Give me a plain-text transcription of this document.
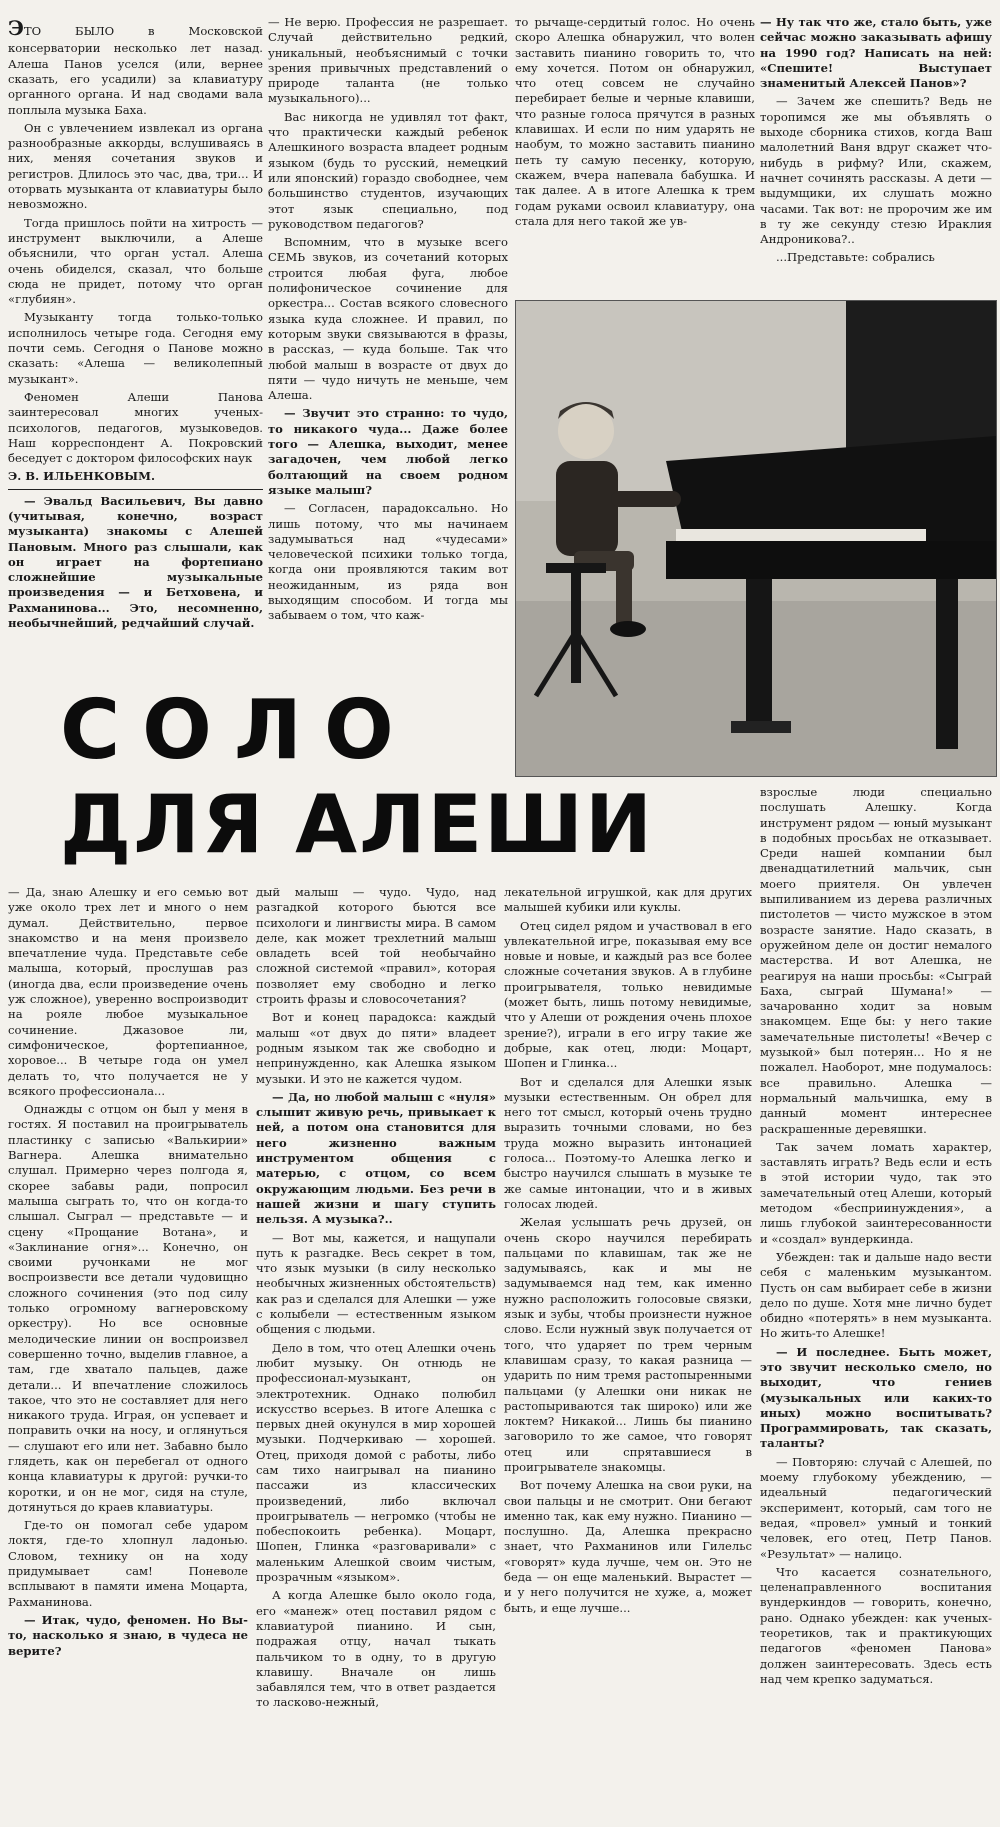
ЭТО БЫЛО в Московской консерватории несколько лет назад. Алеша Панов уселся (или, вернее сказать, его усадили) за клавиатуру органного органа. И над сводами вала поплыла музыка Баха.

Он с увлечением извлекал из органа разнообразные аккорды, вслушиваясь в них, меняя сочетания звуков и регистров. Длилось это час, два, три... И оторвать музыканта от клавиатуры было невозможно.

Тогда пришлось пойти на хитрость — инструмент выключили, а Алеше объяснили, что орган устал. Алеша очень обиделся, сказал, что больше сюда не придет, потому что орган «глубиян».

Музыканту тогда только-только исполнилось четыре года. Сегодня ему почти семь. Сегодня о Панове можно сказать: «Алеша — великолепный музыкант».

Феномен Алеши Панова заинтересовал многих ученых-психологов, педагогов, музыковедов. Наш корреспондент А. Покровский беседует с доктором философских наук

Э. В. ИЛЬЕНКОВЫМ.

— Эвальд Васильевич, Вы давно (учитывая, конечно, возраст музыканта) знакомы с Алешей Пановым. Много раз слышали, как он играет на фортепиано сложнейшие музыкальные произведения — и Бетховена, и Рахманинова... Это, несомненно, необычнейший, редчайший случай.

— Не верю. Профессия не разрешает. Случай действительно редкий, уникальный, необъяснимый с точки зрения привычных представлений о природе таланта (не только музыкального)...

Вас никогда не удивлял тот факт, что практически каждый ребенок Алешкиного возраста владеет родным языком (будь то русский, немецкий или японский) гораздо свободнее, чем большинство студентов, изучающих этот язык специально, под руководством педагогов?

Вспомним, что в музыке всего СЕМЬ звуков, из сочетаний которых строится любая фуга, любое полифоническое сочинение для оркестра... Состав всякого словесного языка куда сложнее. И правил, по которым звуки связываются в фразы, в рассказ, — куда больше. Так что любой малыш в возрасте от двух до пяти — чудо ничуть не меньше, чем Алеша.

— Звучит это странно: то чудо, то никакого чуда... Даже более того — Алешка, выходит, менее загадочен, чем любой легко болтающий на своем родном языке малыш?

— Согласен, парадоксально. Но лишь потому, что мы начинаем задумываться над «чудесами» человеческой психики только тогда, когда они проявляются таким вот неожиданным, из ряда вон выходящим способом. И тогда мы забываем о том, что каж-

то рычаще-сердитый голос. Но очень скоро Алешка обнаружил, что волен заставить пианино говорить то, что ему хочется. Потом он обнаружил, что отец совсем не случайно перебирает белые и черные клавиши, что разные голоса прячутся в разных клавишах. И если по ним ударять не наобум, то можно заставить пианино петь ту самую песенку, которую, скажем, вчера напевала бабушка. И так далее. А в итоге Алешка к трем годам руками освоил клавиатуру, она стала для него такой же ув-

— Ну так что же, стало быть, уже сейчас можно заказывать афишу на 1990 год? Написать на ней: «Спешите! Выступает знаменитый Алексей Панов»?

— Зачем же спешить? Ведь не торопимся же мы объявлять о выходе сборника стихов, когда Ваш малолетний Ваня вдруг скажет что-нибудь в рифму? Или, скажем, начнет сочинять рассказы. А дети — выдумщики, их слушать можно часами. Так вот: не пророчим же им в ту же секунду стезю Ираклия Андрониковa?..

...Представьте: собрались

СОЛО
ДЛЯ АЛЕШИ	взрослые люди специально послушать Алешку. Когда инструмент рядом — юный музыкант в подобных просьбах не отказывает. Среди нашей компании был двенадцатилетний мальчик, сын моего приятеля. Он увлечен выпиливанием из дерева различных пистолетов — чисто мужское в этом возрасте занятие. Надо сказать, в оружейном деле он достиг немалого мастерства. И вот Алешка, не реагируя на наши просьбы: «Сыграй Баха, сыграй Шумана!» — зачарованно ходит за новым знакомцем. Еще бы: у него такие замечательные пистолеты! «Вечер с музыкой» был потерян... Но я не пожалел. Наоборот, мне подумалось: все правильно. Алешка — нормальный мальчишка, ему в данный момент интереснее раскрашенные деревяшки.

Так зачем ломать характер, заставлять играть? Ведь если и есть в этой истории чудо, так это замечательный отец Алеши, который методом «бесприинуждения», а лишь глубокой заинтересованности и «создал» вундеркинда.

Убежден: так и дальше надо вести себя с маленьким музыкантом. Пусть он сам выбирает себе в жизни дело по душе. Хотя мне лично будет обидно «потерять» в нем музыканта. Но жить-то Алешке!

— И последнее. Быть может, это звучит несколько смело, но выходит, что гениев (музыкальных или каких-то иных) можно воспитывать? Программировать, так сказать, таланты?

— Повторяю: случай с Алешей, по моему глубокому убеждению, — идеальный педагогический эксперимент, который, сам того не ведая, «провел» умный и тонкий человек, его отец, Петр Панов. «Результат» — налицо.

Что касается сознательного, целенаправленного воспитания вундеркиндов — говорить, конечно, рано. Однако убежден: как ученых-теоретиков, так и практикующих педагогов «феномен Панова» должен заинтересовать. Здесь есть над чем крепко задуматься.

— Да, знаю Алешку и его семью вот уже около трех лет и много о нем думал. Действительно, первое знакомство и на меня произвело впечатление чуда. Представьте себе малыша, который, прослушав раз (иногда два, если произведение очень уж сложное), уверенно воспроизводит на рояле любое музыкальное сочинение. Джазовое ли, симфоническое, фортепианное, хоровое... В четыре года он умел делать то, что получается не у всякого профессионала...

Однажды с отцом он был у меня в гостях. Я поставил на проигрыватель пластинку с записью «Валькирии» Вагнера. Алешка внимательно слушал. Примерно через полгода я, скорее забавы ради, попросил малыша сыграть то, что он когда-то слышал. Сыграл — представьте — и сцену «Прощание Вотана», и «Заклинание огня»... Конечно, он своими ручонками не мог воспроизвести все детали чудовищно сложного сочинения (это под силу только огромному вагнеровскому оркестру). Но все основные мелодические линии он воспроизвел совершенно точно, выделив главное, а там, где хватало пальцев, даже детали... И впечатление сложилось такое, что это не составляет для него никакого труда. Играя, он успевает и поправить очки на носу, и оглянуться — слушают его или нет. Забавно было глядеть, как он перебегал от одного конца клавиатуры к другой: ручки-то коротки, и он не мог, сидя на стуле, дотянуться до краев клавиатуры.

Где-то он помогал себе ударом локтя, где-то хлопнул ладонью. Словом, технику он на ходу придумывает сам! Поневоле всплывают в памяти имена Моцарта, Рахманинова.

— Итак, чудо, феномен. Но Вы-то, насколько я знаю, в чудеса не верите?

дый малыш — чудо. Чудо, над разгадкой которого бьются все психологи и лингвисты мира. В самом деле, как может трехлетний малыш овладеть всей той необычайно сложной системой «правил», которая позволяет ему свободно и легко строить фразы и словосочетания?

Вот и конец парадокса: каждый малыш «от двух до пяти» владеет родным языком так же свободно и непринужденно, как Алешка языком музыки. И это не кажется чудом.

— Да, но любой малыш с «нуля» слышит живую речь, привыкает к ней, а потом она становится для него жизненно важным инструментом общения с матерью, с отцом, со всем окружающим людьми. Без речи в нашей жизни и шагу ступить нельзя. А музыка?..

— Вот мы, кажется, и нащупали путь к разгадке. Весь секрет в том, что язык музыки (в силу несколько необычных жизненных обстоятельств) как раз и сделался для Алешки — уже с колыбели — естественным языком общения с людьми.

Дело в том, что отец Алешки очень любит музыку. Он отнюдь не профессионал-музыкант, он электротехник. Однако полюбил искусство всерьез. В итоге Алешка с первых дней окунулся в мир хорошей музыки. Подчеркиваю — хорошей. Отец, приходя домой с работы, либо сам тихо наигрывал на пианино пассажи из классических произведений, либо включал проигрыватель — негромко (чтобы не побеспокоить ребенка). Моцарт, Шопен, Глинка «разговаривали» с маленьким Алешкой своим чистым, прозрачным «языком».

А когда Алешке было около года, его «манеж» отец поставил рядом с клавиатурой пианино. И сын, подражая отцу, начал тыкать пальчиком то в одну, то в другую клавишу. Вначале он лишь забавлялся тем, что в ответ раздается то ласково-нежный,

лекательной игрушкой, как для других малышей кубики или куклы.

Отец сидел рядом и участвовал в его увлекательной игре, показывая ему все новые и новые, и каждый раз все более сложные сочетания звуков. А в глубине проигрывателя, только невидимые (может быть, лишь потому невидимые, что у Алеши от рождения очень плохое зрение?), играли в его игру такие же добрые, как отец, люди: Моцарт, Шопен и Глинка...

Вот и сделался для Алешки язык музыки естественным. Он обрел для него тот смысл, который очень трудно выразить точными словами, но без труда можно выразить интонацией голоса... Поэтому-то Алешка легко и быстро научился слышать в музыке те же самые интонации, что и в живых голосах людей.

Желая услышать речь друзей, он очень скоро научился перебирать пальцами по клавишам, так же не задумываясь, как и мы не задумываемся над тем, как именно нужно расположить голосовые связки, язык и зубы, чтобы произнести нужное слово. Если нужный звук получается от того, что ударяет по трем черным клавишам сразу, то какая разница — ударить по ним тремя растопыренными пальцами (у Алешки они никак не растопыриваются так широко) или же локтем? Никакой... Лишь бы пианино заговорило то же самое, что говорят отец или спрятавшиеся в проигрывателе знакомцы.

Вот почему Алешка на свои руки, на свои пальцы и не смотрит. Они бегают именно так, как ему нужно. Пианино — послушно. Да, Алешка прекрасно знает, что Рахманинов или Гилельс «говорят» куда лучше, чем он. Это не беда — он еще маленький. Вырастет — и у него получится не хуже, а, может быть, и еще лучше...
